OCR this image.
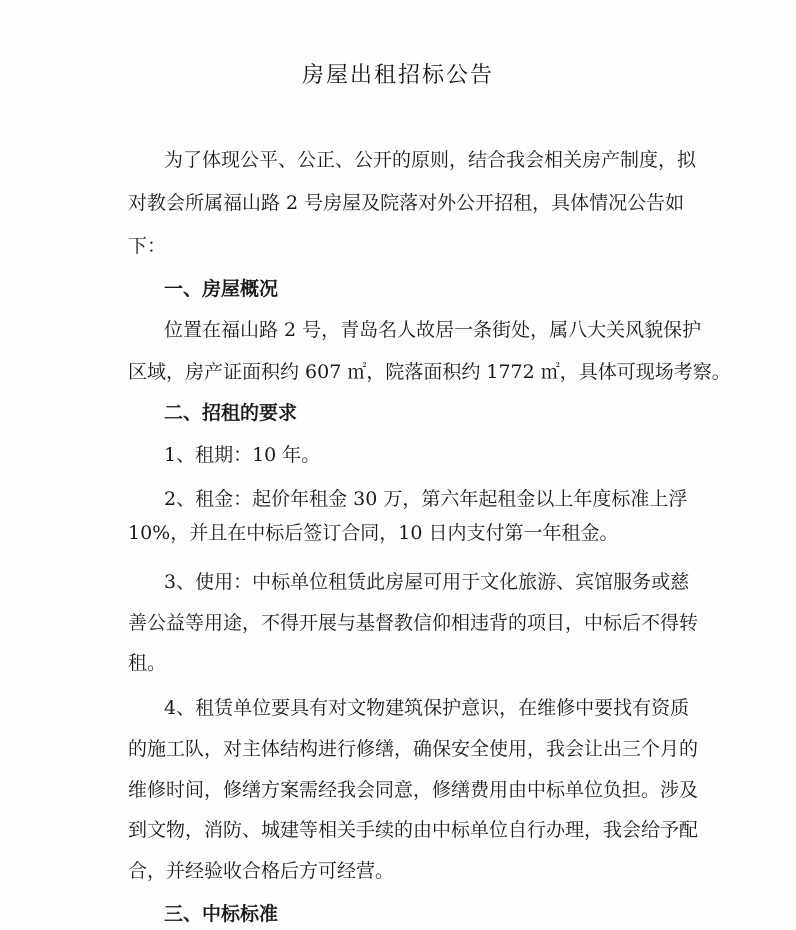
房屋出租招标公告
为了体现公平、公正、公开的原则，结合我会相关房产制度，拟
对教会所属福山路 2 号房屋及院落对外公开招租，具体情况公告如
下：
一、房屋概况
位置在福山路 2 号，青岛名人故居一条街处，属八大关风貌保护
区域，房产证面积约 607 ㎡，院落面积约 1772 ㎡，具体可现场考察。
二、招租的要求
1、租期：10 年。
2、租金：起价年租金 30 万，第六年起租金以上年度标准上浮
10%，并且在中标后签订合同，10 日内支付第一年租金。
3、使用：中标单位租赁此房屋可用于文化旅游、宾馆服务或慈
善公益等用途，不得开展与基督教信仰相违背的项目，中标后不得转
租。
4、租赁单位要具有对文物建筑保护意识，在维修中要找有资质
的施工队，对主体结构进行修缮，确保安全使用，我会让出三个月的
维修时间，修缮方案需经我会同意，修缮费用由中标单位负担。涉及
到文物，消防、城建等相关手续的由中标单位自行办理，我会给予配
合，并经验收合格后方可经营。
三、中标标准
